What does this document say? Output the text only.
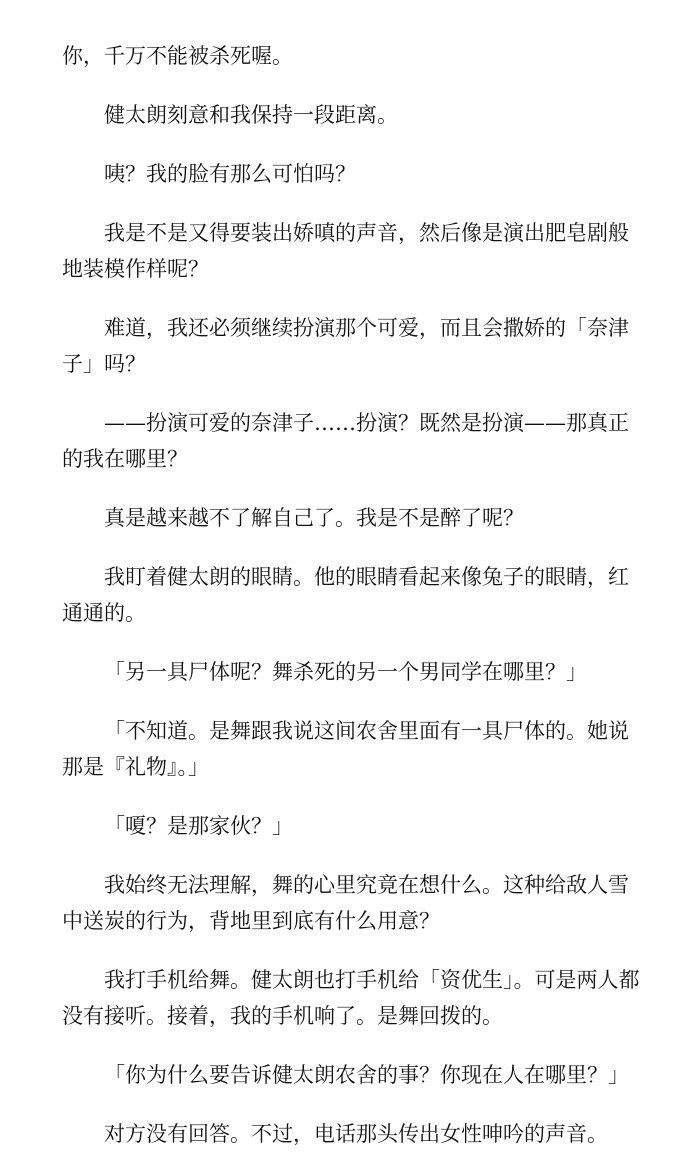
你，千万不能被杀死喔。

健太朗刻意和我保持一段距离。

咦？我的脸有那么可怕吗？

我是不是又得要装出娇嗔的声音，然后像是演出肥皂剧般地装模作样呢？

难道，我还必须继续扮演那个可爱，而且会撒娇的「奈津子」吗？

——扮演可爱的奈津子……扮演？既然是扮演——那真正的我在哪里？

真是越来越不了解自己了。我是不是醉了呢？

我盯着健太朗的眼睛。他的眼睛看起来像兔子的眼睛，红通通的。

「另一具尸体呢？舞杀死的另一个男同学在哪里？」

「不知道。是舞跟我说这间农舍里面有一具尸体的。她说那是『礼物』。」

「嗄？是那家伙？」

我始终无法理解，舞的心里究竟在想什么。这种给敌人雪中送炭的行为，背地里到底有什么用意？

我打手机给舞。健太朗也打手机给「资优生」。可是两人都没有接听。接着，我的手机响了。是舞回拨的。

「你为什么要告诉健太朗农舍的事？你现在人在哪里？」

对方没有回答。不过，电话那头传出女性呻吟的声音。
